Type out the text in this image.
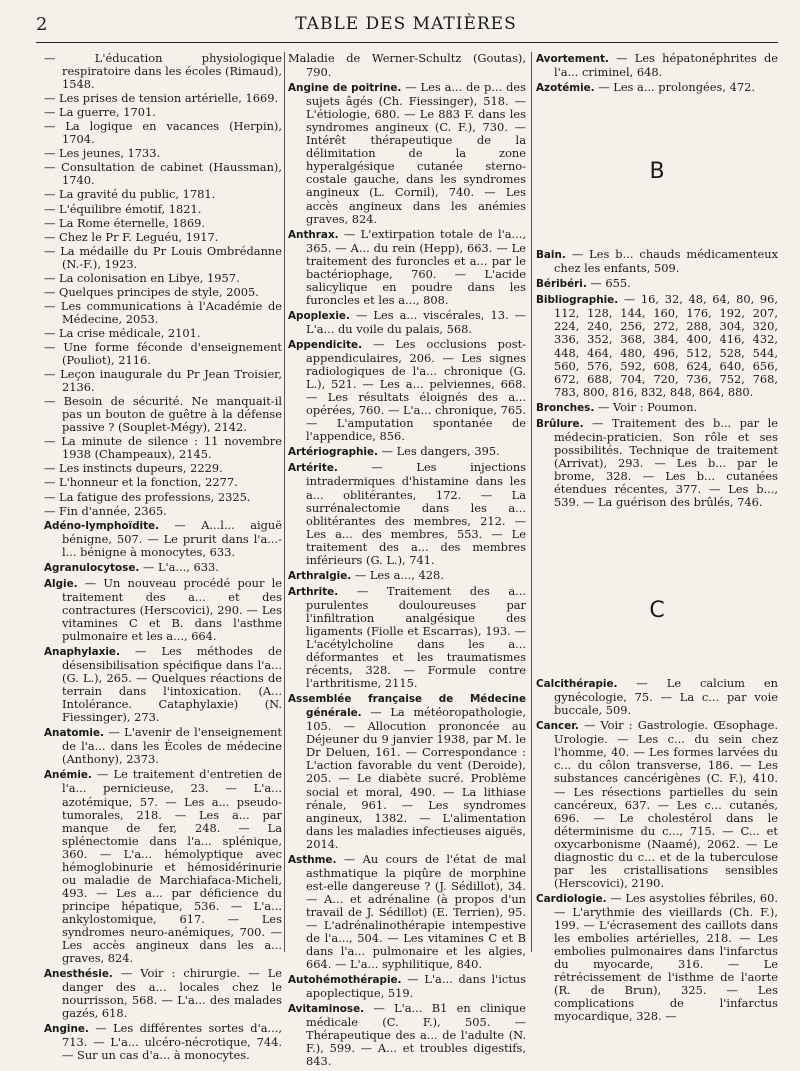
2	TABLE DES MATIÈRES
— L'éducation physiologique respiratoire dans les écoles (Rimaud), 1548.
— Les prises de tension artérielle, 1669.
— La guerre, 1701.
— La logique en vacances (Herpin), 1704.
— Les jeunes, 1733.
— Consultation de cabinet (Haussman), 1740.
— La gravité du public, 1781.
— L'équilibre émotif, 1821.
— La Rome éternelle, 1869.
— Chez le Pr F. Leguéu, 1917.
— La médaille du Pr Louis Ombrédanne (N.-F.), 1923.
— La colonisation en Libye, 1957.
— Quelques principes de style, 2005.
— Les communications à l'Académie de Médecine, 2053.
— La crise médicale, 2101.
— Une forme féconde d'enseignement (Pouliot), 2116.
— Leçon inaugurale du Pr Jean Troisier, 2136.
— Besoin de sécurité. Ne manquait-il pas un bouton de guêtre à la défense passive ? (Souplet-Mégy), 2142.
— La minute de silence : 11 novembre 1938 (Champeaux), 2145.
— Les instincts dupeurs, 2229.
— L'honneur et la fonction, 2277.
— La fatigue des professions, 2325.
— Fin d'année, 2365.
Adéno-lymphoïdite. — A...l... aiguë bénigne, 507. — Le prurit dans l'a...-l... bénigne à monocytes, 633.
Agranulocytose. — L'a..., 633.
Algie. — Un nouveau procédé pour le traitement des a... et des contractures (Herscovici), 290. — Les vitamines C et B. dans l'asthme pulmonaire et les a..., 664.
Anaphylaxie. — Les méthodes de désensibilisation spécifique dans l'a... (G. L.), 265. — Quelques réactions de terrain dans l'intoxication. (A... Intolérance. Cataphylaxie) (N. Fiessinger), 273.
Anatomie. — L'avenir de l'enseignement de l'a... dans les Écoles de médecine (Anthony), 2373.
Anémie. — Le traitement d'entretien de l'a... pernicieuse, 23. — L'a... azotémique, 57. — Les a... pseudo-tumorales, 218. — Les a... par manque de fer, 248. — La splénectomie dans l'a... splénique, 360. — L'a... hémolyptique avec hémoglobinurie et hémosidérinurie ou maladie de Marchiafaca-Micheli, 493. — Les a... par déficience du principe hépatique, 536. — L'a... ankylostomique, 617. — Les syndromes neuro-anémiques, 700. — Les accès angineux dans les a... graves, 824.
Anesthésie. — Voir : chirurgie. — Le danger des a... locales chez le nourrisson, 568. — L'a... des malades gazés, 618.
Angine. — Les différentes sortes d'a..., 713. — L'a... ulcéro-nécrotique, 744. — Sur un cas d'a... à monocytes.
Maladie de Werner-Schultz (Goutas), 790.
Angine de poitrine. — Les a... de p... des sujets âgés (Ch. Fiessinger), 518. — L'étiologie, 680. — Le 883 F. dans les syndromes angineux (C. F.), 730. — Intérêt thérapeutique de la délimitation de la zone hyperalgésique cutanée sterno-costale gauche, dans les syndromes angineux (L. Cornil), 740. — Les accès angineux dans les anémies graves, 824.
Anthrax. — L'extirpation totale de l'a..., 365. — A... du rein (Hepp), 663. — Le traitement des furoncles et a... par le bactériophage, 760. — L'acide salicylique en poudre dans les furoncles et les a..., 808.
Apoplexie. — Les a... viscérales, 13. — L'a... du voile du palais, 568.
Appendicite. — Les occlusions post-appendiculaires, 206. — Les signes radiologiques de l'a... chronique (G. L.), 521. — Les a... pelviennes, 668. — Les résultats éloignés des a... opérées, 760. — L'a... chronique, 765. — L'amputation spontanée de l'appendice, 856.
Artériographie. — Les dangers, 395.
Artérite. — Les injections intradermiques d'histamine dans les a... oblitérantes, 172. — La surrénalectomie dans les a... oblitérantes des membres, 212. — Les a... des membres, 553. — Le traitement des a... des membres inférieurs (G. L.), 741.
Arthralgie. — Les a..., 428.
Arthrite. — Traitement des a... purulentes douloureuses par l'infiltration analgésique des ligaments (Fiolle et Escarras), 193. — L'acétylcholine dans les a... déformantes et les traumatismes récents, 328. — Formule contre l'arthritisme, 2115.
Assemblée française de Médecine générale. — La météoropathologie, 105. — Allocution prononcée au Déjeuner du 9 janvier 1938, par M. le Dr Deluen, 161. — Correspondance : L'action favorable du vent (Deroide), 205. — Le diabète sucré. Problème social et moral, 490. — La lithiase rénale, 961. — Les syndromes angineux, 1382. — L'alimentation dans les maladies infectieuses aiguës, 2014.
Asthme. — Au cours de l'état de mal asthmatique la piqûre de morphine est-elle dangereuse ? (J. Sédillot), 34. — A... et adrénaline (à propos d'un travail de J. Sédillot) (E. Terrien), 95. — L'adrénalinothérapie intempestive de l'a..., 504. — Les vitamines C et B dans l'a... pulmonaire et les algies, 664. — L'a... syphilitique, 840.
Autohémothérapie. — L'a... dans l'ictus apoplectique, 519.
Avitaminose. — L'a... B1 en clinique médicale (C. F.), 505. — Thérapeutique des a... de l'adulte (N. F.), 599. — A... et troubles digestifs, 843.
Avortement. — Les hépatonéphrites de l'a... criminel, 648.
Azotémie. — Les a... prolongées, 472.
B
Bain. — Les b... chauds médicamenteux chez les enfants, 509.
Béribéri. — 655.
Bibliographie. — 16, 32, 48, 64, 80, 96, 112, 128, 144, 160, 176, 192, 207, 224, 240, 256, 272, 288, 304, 320, 336, 352, 368, 384, 400, 416, 432, 448, 464, 480, 496, 512, 528, 544, 560, 576, 592, 608, 624, 640, 656, 672, 688, 704, 720, 736, 752, 768, 783, 800, 816, 832, 848, 864, 880.
Bronches. — Voir : Poumon.
Brûlure. — Traitement des b... par le médecin-praticien. Son rôle et ses possibilités. Technique de traitement (Arrivat), 293. — Les b... par le brome, 328. — Les b... cutanées étendues récentes, 377. — Les b..., 539. — La guérison des brûlés, 746.
C
Calcithérapie. — Le calcium en gynécologie, 75. — La c... par voie buccale, 509.
Cancer. — Voir : Gastrologie. Œsophage. Urologie. — Les c... du sein chez l'homme, 40. — Les formes larvées du c... du côlon transverse, 186. — Les substances cancérigènes (C. F.), 410. — Les résections partielles du sein cancéreux, 637. — Les c... cutanés, 696. — Le cholestérol dans le déterminisme du c..., 715. — C... et oxycarbonisme (Naamé), 2062. — Le diagnostic du c... et de la tuberculose par les cristallisations sensibles (Herscovici), 2190.
Cardiologie. — Les asystolies fébriles, 60. — L'arythmie des vieillards (Ch. F.), 199. — L'écrasement des caillots dans les embolies artérielles, 218. — Les embolies pulmonaires dans l'infarctus du myocarde, 316. — Le rétrécissement de l'isthme de l'aorte (R. de Brun), 325. — Les complications de l'infarctus myocardique, 328. —
